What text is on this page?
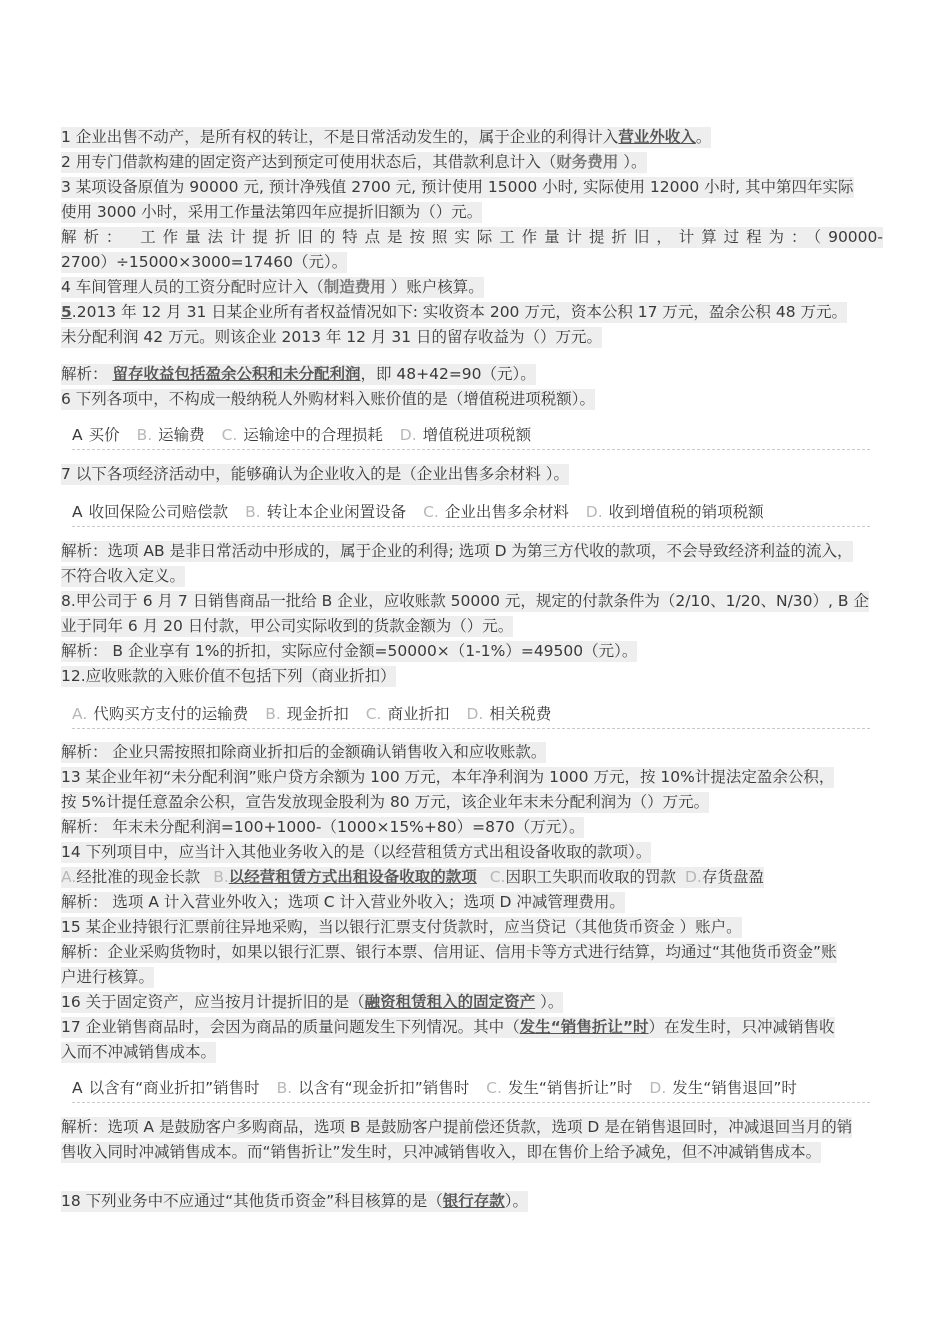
1 企业出售不动产，是所有权的转让，不是日常活动发生的，属于企业的利得计入营业外收入。
2 用专门借款构建的固定资产达到预定可使用状态后，其借款利息计入（财务费用 ）。
3 某项设备原值为 90000 元, 预计净残值 2700 元, 预计使用 15000 小时, 实际使用 12000 小时, 其中第四年实际
使用 3000 小时，采用工作量法第四年应提折旧额为（）元。
解析： 工作量法计提折旧的特点是按照实际工作量计提折旧，计算过程为：（90000-
2700）÷15000×3000=17460（元）。
4 车间管理人员的工资分配时应计入（制造费用 ）账户核算。
5.2013 年 12 月 31 日某企业所有者权益情况如下: 实收资本 200 万元，资本公积 17 万元，盈余公积 48 万元。
未分配利润 42 万元。则该企业 2013 年 12 月 31 日的留存收益为（）万元。
解析： 留存收益包括盈余公积和未分配利润，即 48+42=90（元）。
6 下列各项中，不构成一般纳税人外购材料入账价值的是（增值税进项税额）。
A 买价 B. 运输费 C. 运输途中的合理损耗 D. 增值税进项税额
7 以下各项经济活动中，能够确认为企业收入的是（企业出售多余材料 ）。
A 收回保险公司赔偿款 B. 转让本企业闲置设备 C. 企业出售多余材料 D. 收到增值税的销项税额
解析：选项 AB 是非日常活动中形成的，属于企业的利得; 选项 D 为第三方代收的款项，不会导致经济利益的流入，
不符合收入定义。
8.甲公司于 6 月 7 日销售商品一批给 B 企业，应收账款 50000 元，规定的付款条件为（2/10、1/20、N/30）, B 企
业于同年 6 月 20 日付款，甲公司实际收到的货款金额为（）元。
解析： B 企业享有 1%的折扣，实际应付金额=50000×（1-1%）=49500（元）。
12.应收账款的入账价值不包括下列（商业折扣）
A. 代购买方支付的运输费 B. 现金折扣 C. 商业折扣 D. 相关税费
解析： 企业只需按照扣除商业折扣后的金额确认销售收入和应收账款。
13 某企业年初“未分配利润”账户贷方余额为 100 万元，本年净利润为 1000 万元，按 10%计提法定盈余公积，
按 5%计提任意盈余公积，宣告发放现金股利为 80 万元，该企业年末未分配利润为（）万元。
解析： 年末未分配利润=100+1000-（1000×15%+80）=870（万元）。
14 下列项目中，应当计入其他业务收入的是（以经营租赁方式出租设备收取的款项）。
A.经批准的现金长款 B.以经营租赁方式出租设备收取的款项 C.因职工失职而收取的罚款 D.存货盘盈
解析： 选项 A 计入营业外收入；选项 C 计入营业外收入；选项 D 冲减管理费用。
15 某企业持银行汇票前往异地采购，当以银行汇票支付货款时，应当贷记（其他货币资金 ）账户。
解析：企业采购货物时，如果以银行汇票、银行本票、信用证、信用卡等方式进行结算，均通过“其他货币资金”账
户进行核算。
16 关于固定资产，应当按月计提折旧的是（融资租赁租入的固定资产 ）。
17 企业销售商品时，会因为商品的质量问题发生下列情况。其中（发生“销售折让”时）在发生时，只冲减销售收
入而不冲减销售成本。
A 以含有“商业折扣”销售时 B. 以含有“现金折扣”销售时 C. 发生“销售折让”时 D. 发生“销售退回”时
解析：选项 A 是鼓励客户多购商品，选项 B 是鼓励客户提前偿还货款，选项 D 是在销售退回时，冲减退回当月的销
售收入同时冲减销售成本。而“销售折让”发生时，只冲减销售收入，即在售价上给予减免，但不冲减销售成本。
18 下列业务中不应通过“其他货币资金”科目核算的是（银行存款）。
